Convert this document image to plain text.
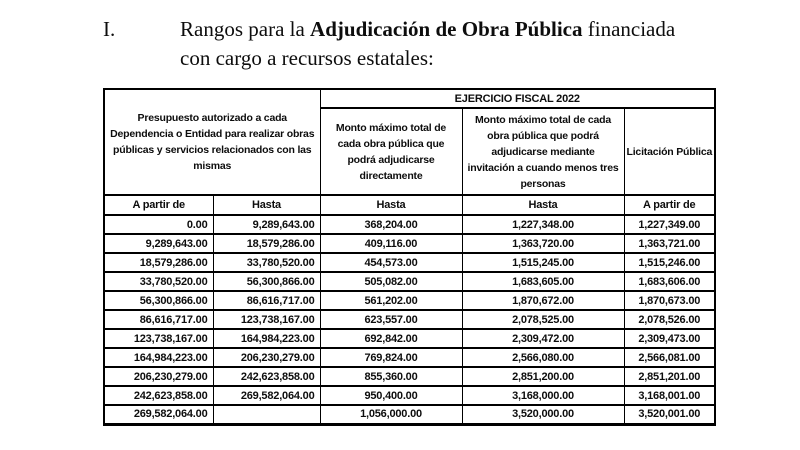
I.	Rangos para la Adjudicación de Obra Pública financiada
con cargo a recursos estatales:
Presupuesto autorizado a cada Dependencia o Entidad para realizar obras públicas y servicios relacionados con las mismas		EJERCICIO FISCAL 2022		
		Monto máximo total de cada obra pública que podrá adjudicarse directamente	Monto máximo total de cada obra pública que podrá adjudicarse mediante invitación a cuando menos tres personas	Licitación Pública
A partir de	Hasta	Hasta	Hasta	A partir de
0.00	9,289,643.00	368,204.00	1,227,348.00	1,227,349.00
9,289,643.00	18,579,286.00	409,116.00	1,363,720.00	1,363,721.00
18,579,286.00	33,780,520.00	454,573.00	1,515,245.00	1,515,246.00
33,780,520.00	56,300,866.00	505,082.00	1,683,605.00	1,683,606.00
56,300,866.00	86,616,717.00	561,202.00	1,870,672.00	1,870,673.00
86,616,717.00	123,738,167.00	623,557.00	2,078,525.00	2,078,526.00
123,738,167.00	164,984,223.00	692,842.00	2,309,472.00	2,309,473.00
164,984,223.00	206,230,279.00	769,824.00	2,566,080.00	2,566,081.00
206,230,279.00	242,623,858.00	855,360.00	2,851,200.00	2,851,201.00
242,623,858.00	269,582,064.00	950,400.00	3,168,000.00	3,168,001.00
269,582,064.00		1,056,000.00	3,520,000.00	3,520,001.00
